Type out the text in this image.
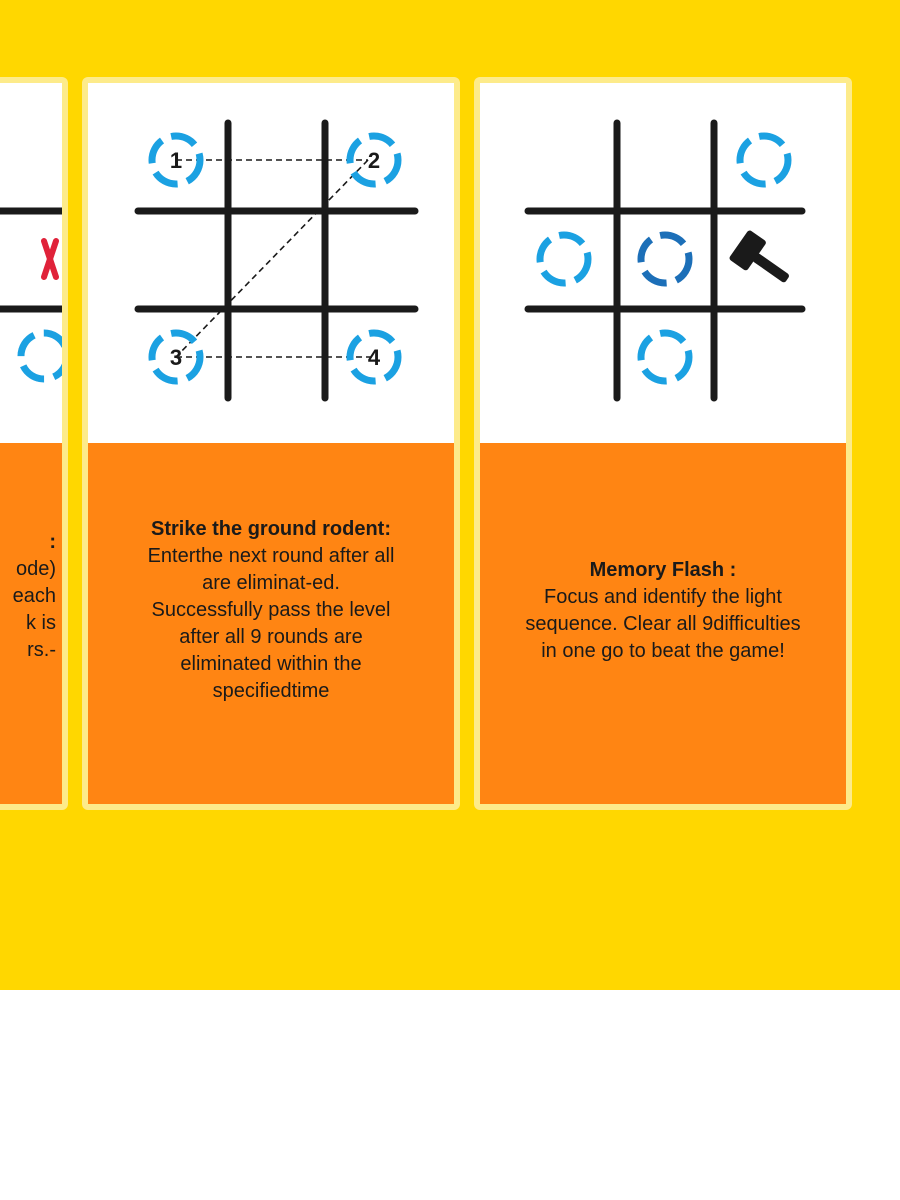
:
ode)
each
k is
rs.-
1	2
3	4
Strike the ground rodent:
Enterthe next round after all
are eliminat-ed.
Successfully pass the level
after all 9 rounds are
eliminated within the
specifiedtime
Memory Flash :
Focus and identify the light
sequence. Clear all 9difficulties
in one go to beat the game!
